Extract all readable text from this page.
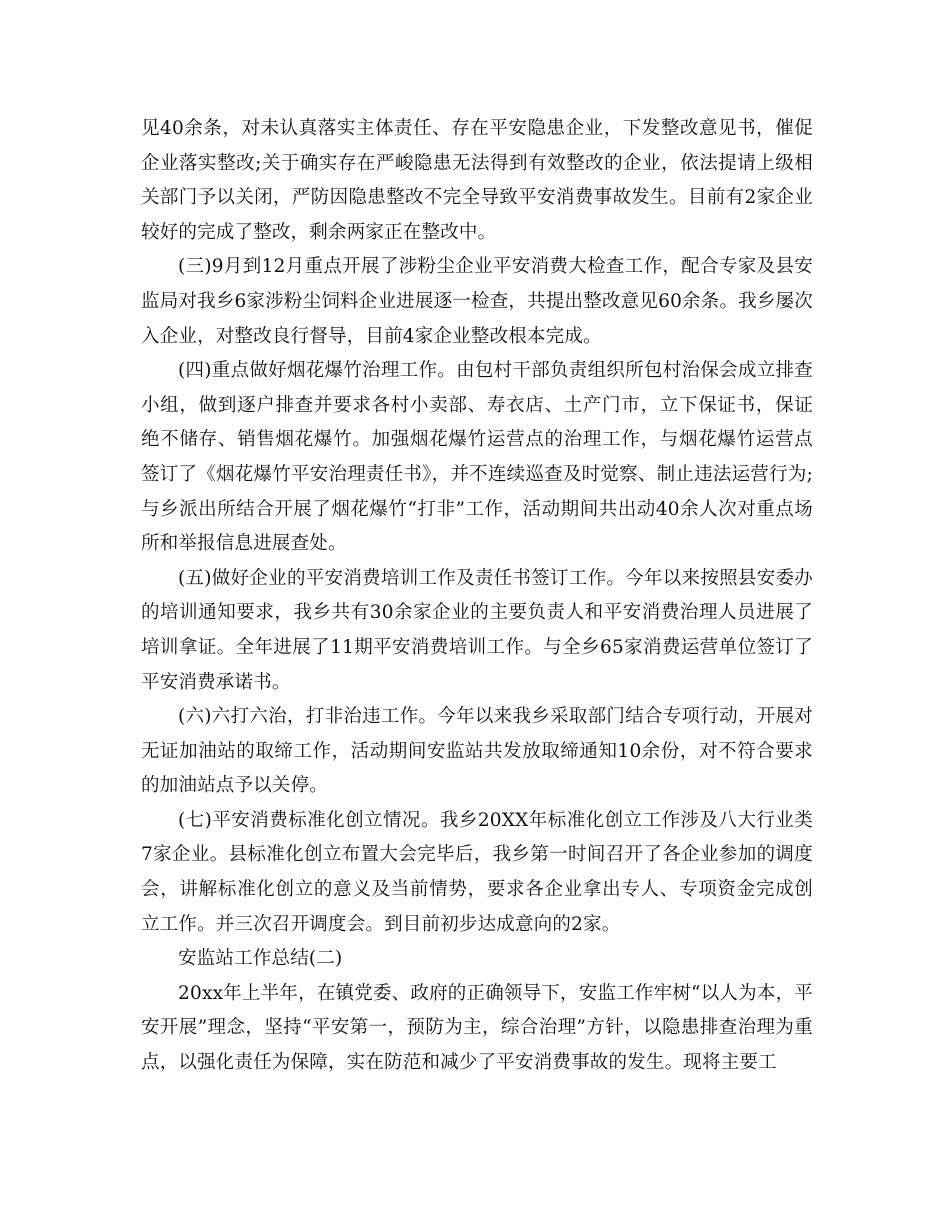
见40余条，对未认真落实主体责任、存在平安隐患企业，下发整改意见书，催促企业落实整改;关于确实存在严峻隐患无法得到有效整改的企业，依法提请上级相关部门予以关闭，严防因隐患整改不完全导致平安消费事故发生。目前有2家企业较好的完成了整改，剩余两家正在整改中。

(三)9月到12月重点开展了涉粉尘企业平安消费大检查工作，配合专家及县安监局对我乡6家涉粉尘饲料企业进展逐一检查，共提出整改意见60余条。我乡屡次入企业，对整改良行督导，目前4家企业整改根本完成。

(四)重点做好烟花爆竹治理工作。由包村干部负责组织所包村治保会成立排查小组，做到逐户排查并要求各村小卖部、寿衣店、土产门市，立下保证书，保证绝不储存、销售烟花爆竹。加强烟花爆竹运营点的治理工作，与烟花爆竹运营点签订了《烟花爆竹平安治理责任书》，并不连续巡查及时觉察、制止违法运营行为;与乡派出所结合开展了烟花爆竹“打非”工作，活动期间共出动40余人次对重点场所和举报信息进展查处。

(五)做好企业的平安消费培训工作及责任书签订工作。今年以来按照县安委办的培训通知要求，我乡共有30余家企业的主要负责人和平安消费治理人员进展了培训拿证。全年进展了11期平安消费培训工作。与全乡65家消费运营单位签订了平安消费承诺书。

(六)六打六治，打非治违工作。今年以来我乡采取部门结合专项行动，开展对无证加油站的取缔工作，活动期间安监站共发放取缔通知10余份，对不符合要求的加油站点予以关停。

(七)平安消费标准化创立情况。我乡20XX年标准化创立工作涉及八大行业类7家企业。县标准化创立布置大会完毕后，我乡第一时间召开了各企业参加的调度会，讲解标准化创立的意义及当前情势，要求各企业拿出专人、专项资金完成创立工作。并三次召开调度会。到目前初步达成意向的2家。

安监站工作总结(二)

20xx年上半年，在镇党委、政府的正确领导下，安监工作牢树“以人为本，平安开展”理念，坚持“平安第一，预防为主，综合治理”方针，以隐患排查治理为重点，以强化责任为保障，实在防范和减少了平安消费事故的发生。现将主要工
